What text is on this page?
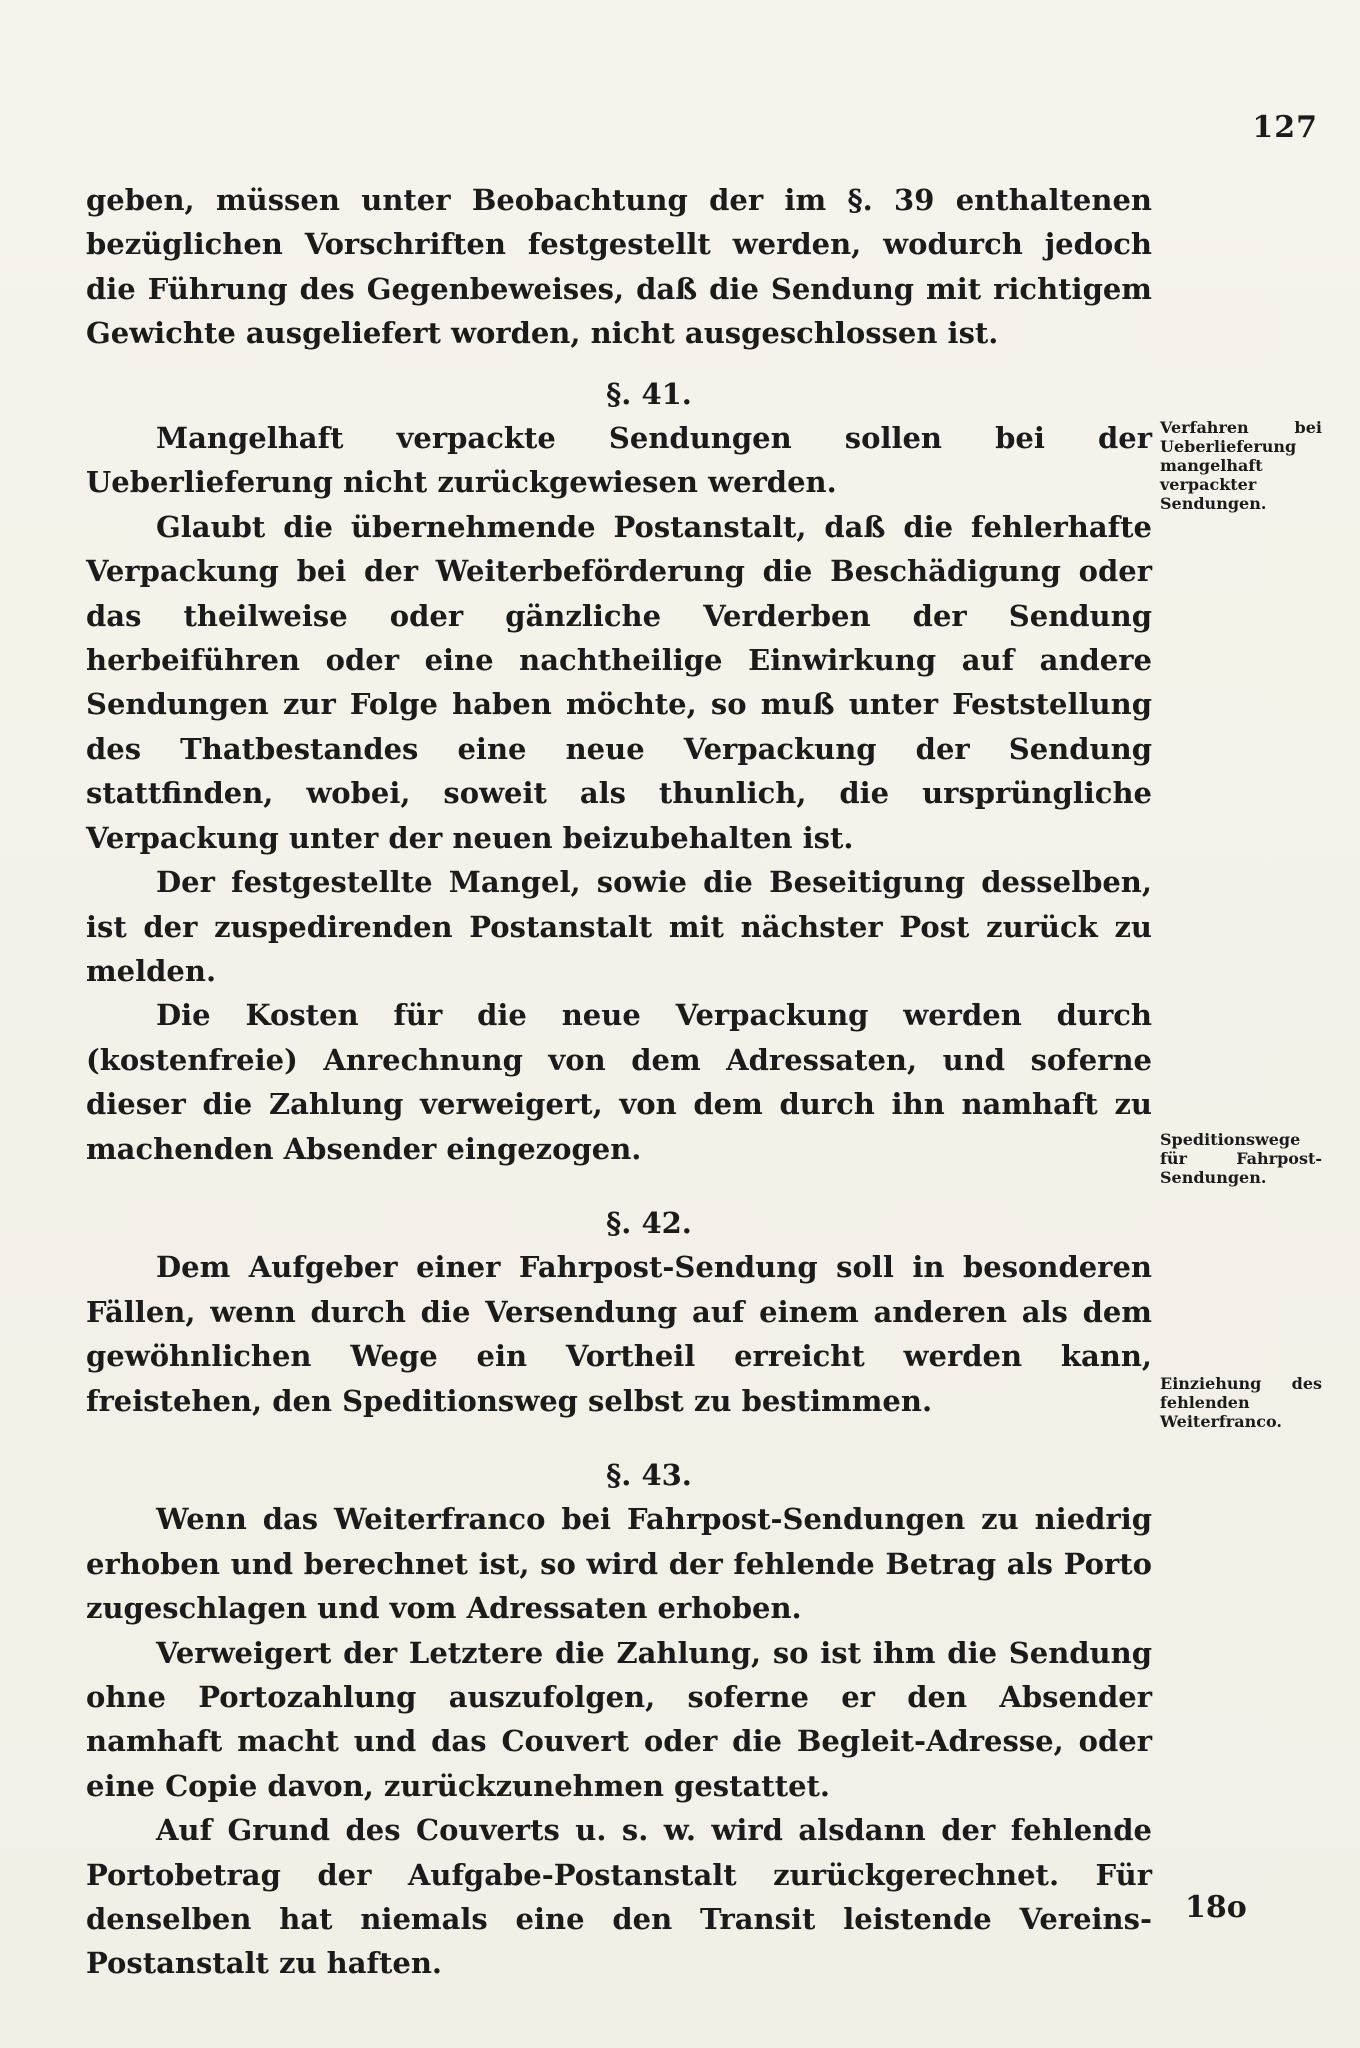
127

geben, müssen unter Beobachtung der im §. 39 enthaltenen bezüglichen Vorschriften festgestellt werden, wodurch jedoch die Führung des Gegenbeweises, daß die Sendung mit richtigem Gewichte ausgeliefert worden, nicht ausgeschlossen ist.

§. 41.

Mangelhaft verpackte Sendungen sollen bei der Ueberlieferung nicht zurückgewiesen werden.

Glaubt die übernehmende Postanstalt, daß die fehlerhafte Verpackung bei der Weiterbeförderung die Beschädigung oder das theilweise oder gänzliche Verderben der Sendung herbeiführen oder eine nachtheilige Einwirkung auf andere Sendungen zur Folge haben möchte, so muß unter Feststellung des Thatbestandes eine neue Verpackung der Sendung stattfinden, wobei, soweit als thunlich, die ursprüngliche Verpackung unter der neuen beizubehalten ist.

Der festgestellte Mangel, sowie die Beseitigung desselben, ist der zuspedirenden Postanstalt mit nächster Post zurück zu melden.

Die Kosten für die neue Verpackung werden durch (kostenfreie) Anrechnung von dem Adressaten, und soferne dieser die Zahlung verweigert, von dem durch ihn namhaft zu machenden Absender eingezogen.

§. 42.

Dem Aufgeber einer Fahrpost-Sendung soll in besonderen Fällen, wenn durch die Versendung auf einem anderen als dem gewöhnlichen Wege ein Vortheil erreicht werden kann, freistehen, den Speditionsweg selbst zu bestimmen.

§. 43.

Wenn das Weiterfranco bei Fahrpost-Sendungen zu niedrig erhoben und berechnet ist, so wird der fehlende Betrag als Porto zugeschlagen und vom Adressaten erhoben.

Verweigert der Letztere die Zahlung, so ist ihm die Sendung ohne Portozahlung auszufolgen, soferne er den Absender namhaft macht und das Couvert oder die Begleit-Adresse, oder eine Copie davon, zurückzunehmen gestattet.

Auf Grund des Couverts u. s. w. wird alsdann der fehlende Portobetrag der Aufgabe-Postanstalt zurückgerechnet. Für denselben hat niemals eine den Transit leistende Vereins-Postanstalt zu haften.

Verfahren bei Ueberlieferung mangelhaft verpackter Sendungen.
Speditionswege für Fahrpost-Sendungen.
Einziehung des fehlenden Weiterfranco.
18o
